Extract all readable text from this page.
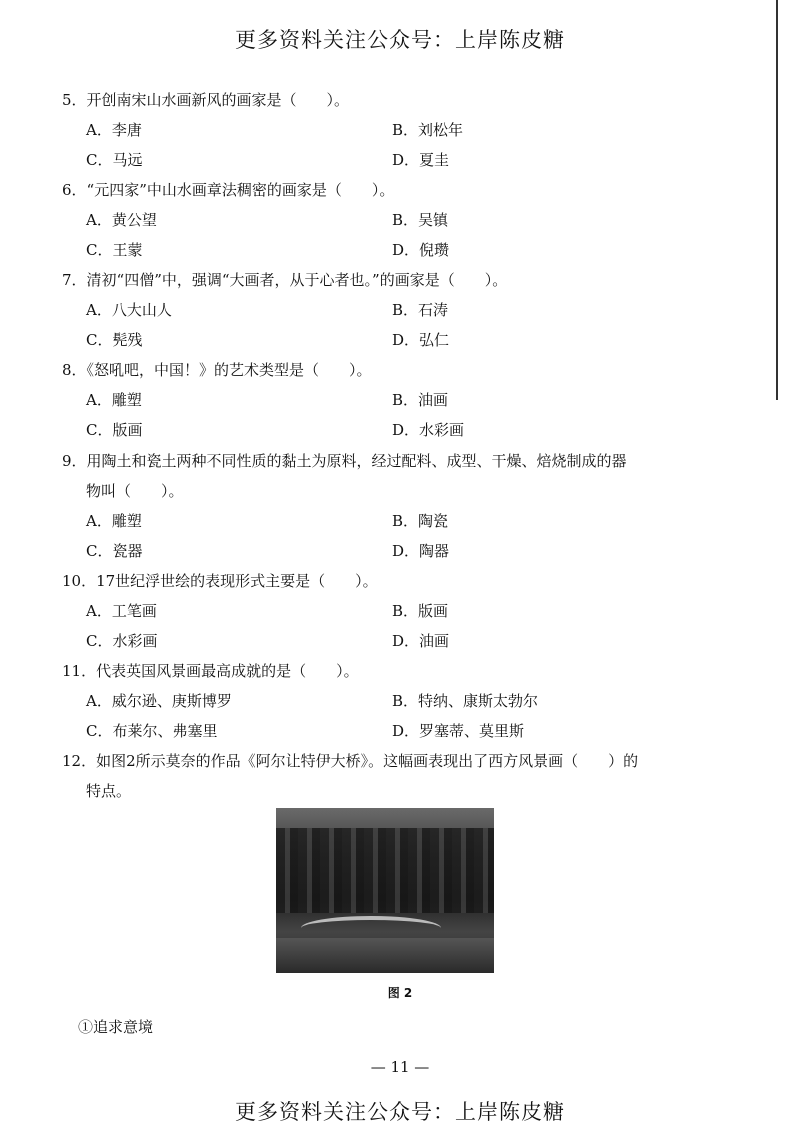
更多资料关注公众号：上岸陈皮糖
5．开创南宋山水画新风的画家是（　　）。
A．李唐	B．刘松年
C．马远	D．夏圭
6．“元四家”中山水画章法稠密的画家是（　　）。
A．黄公望	B．吴镇
C．王蒙	D．倪瓒
7．清初“四僧”中，强调“大画者，从于心者也。”的画家是（　　）。
A．八大山人	B．石涛
C．髡残	D．弘仁
8．《怒吼吧，中国！》的艺术类型是（　　）。
A．雕塑	B．油画
C．版画	D．水彩画
9．用陶土和瓷土两种不同性质的黏土为原料，经过配料、成型、干燥、焙烧制成的器
物叫（　　）。
A．雕塑	B．陶瓷
C．瓷器	D．陶器
10．17世纪浮世绘的表现形式主要是（　　）。
A．工笔画	B．版画
C．水彩画	D．油画
11．代表英国风景画最高成就的是（　　）。
A．威尔逊、庚斯博罗	B．特纳、康斯太勃尔
C．布莱尔、弗塞里	D．罗塞蒂、莫里斯
12．如图2所示莫奈的作品《阿尔让特伊大桥》。这幅画表现出了西方风景画（　　）的
特点。
图 2
①追求意境
— 11 —
更多资料关注公众号：上岸陈皮糖
